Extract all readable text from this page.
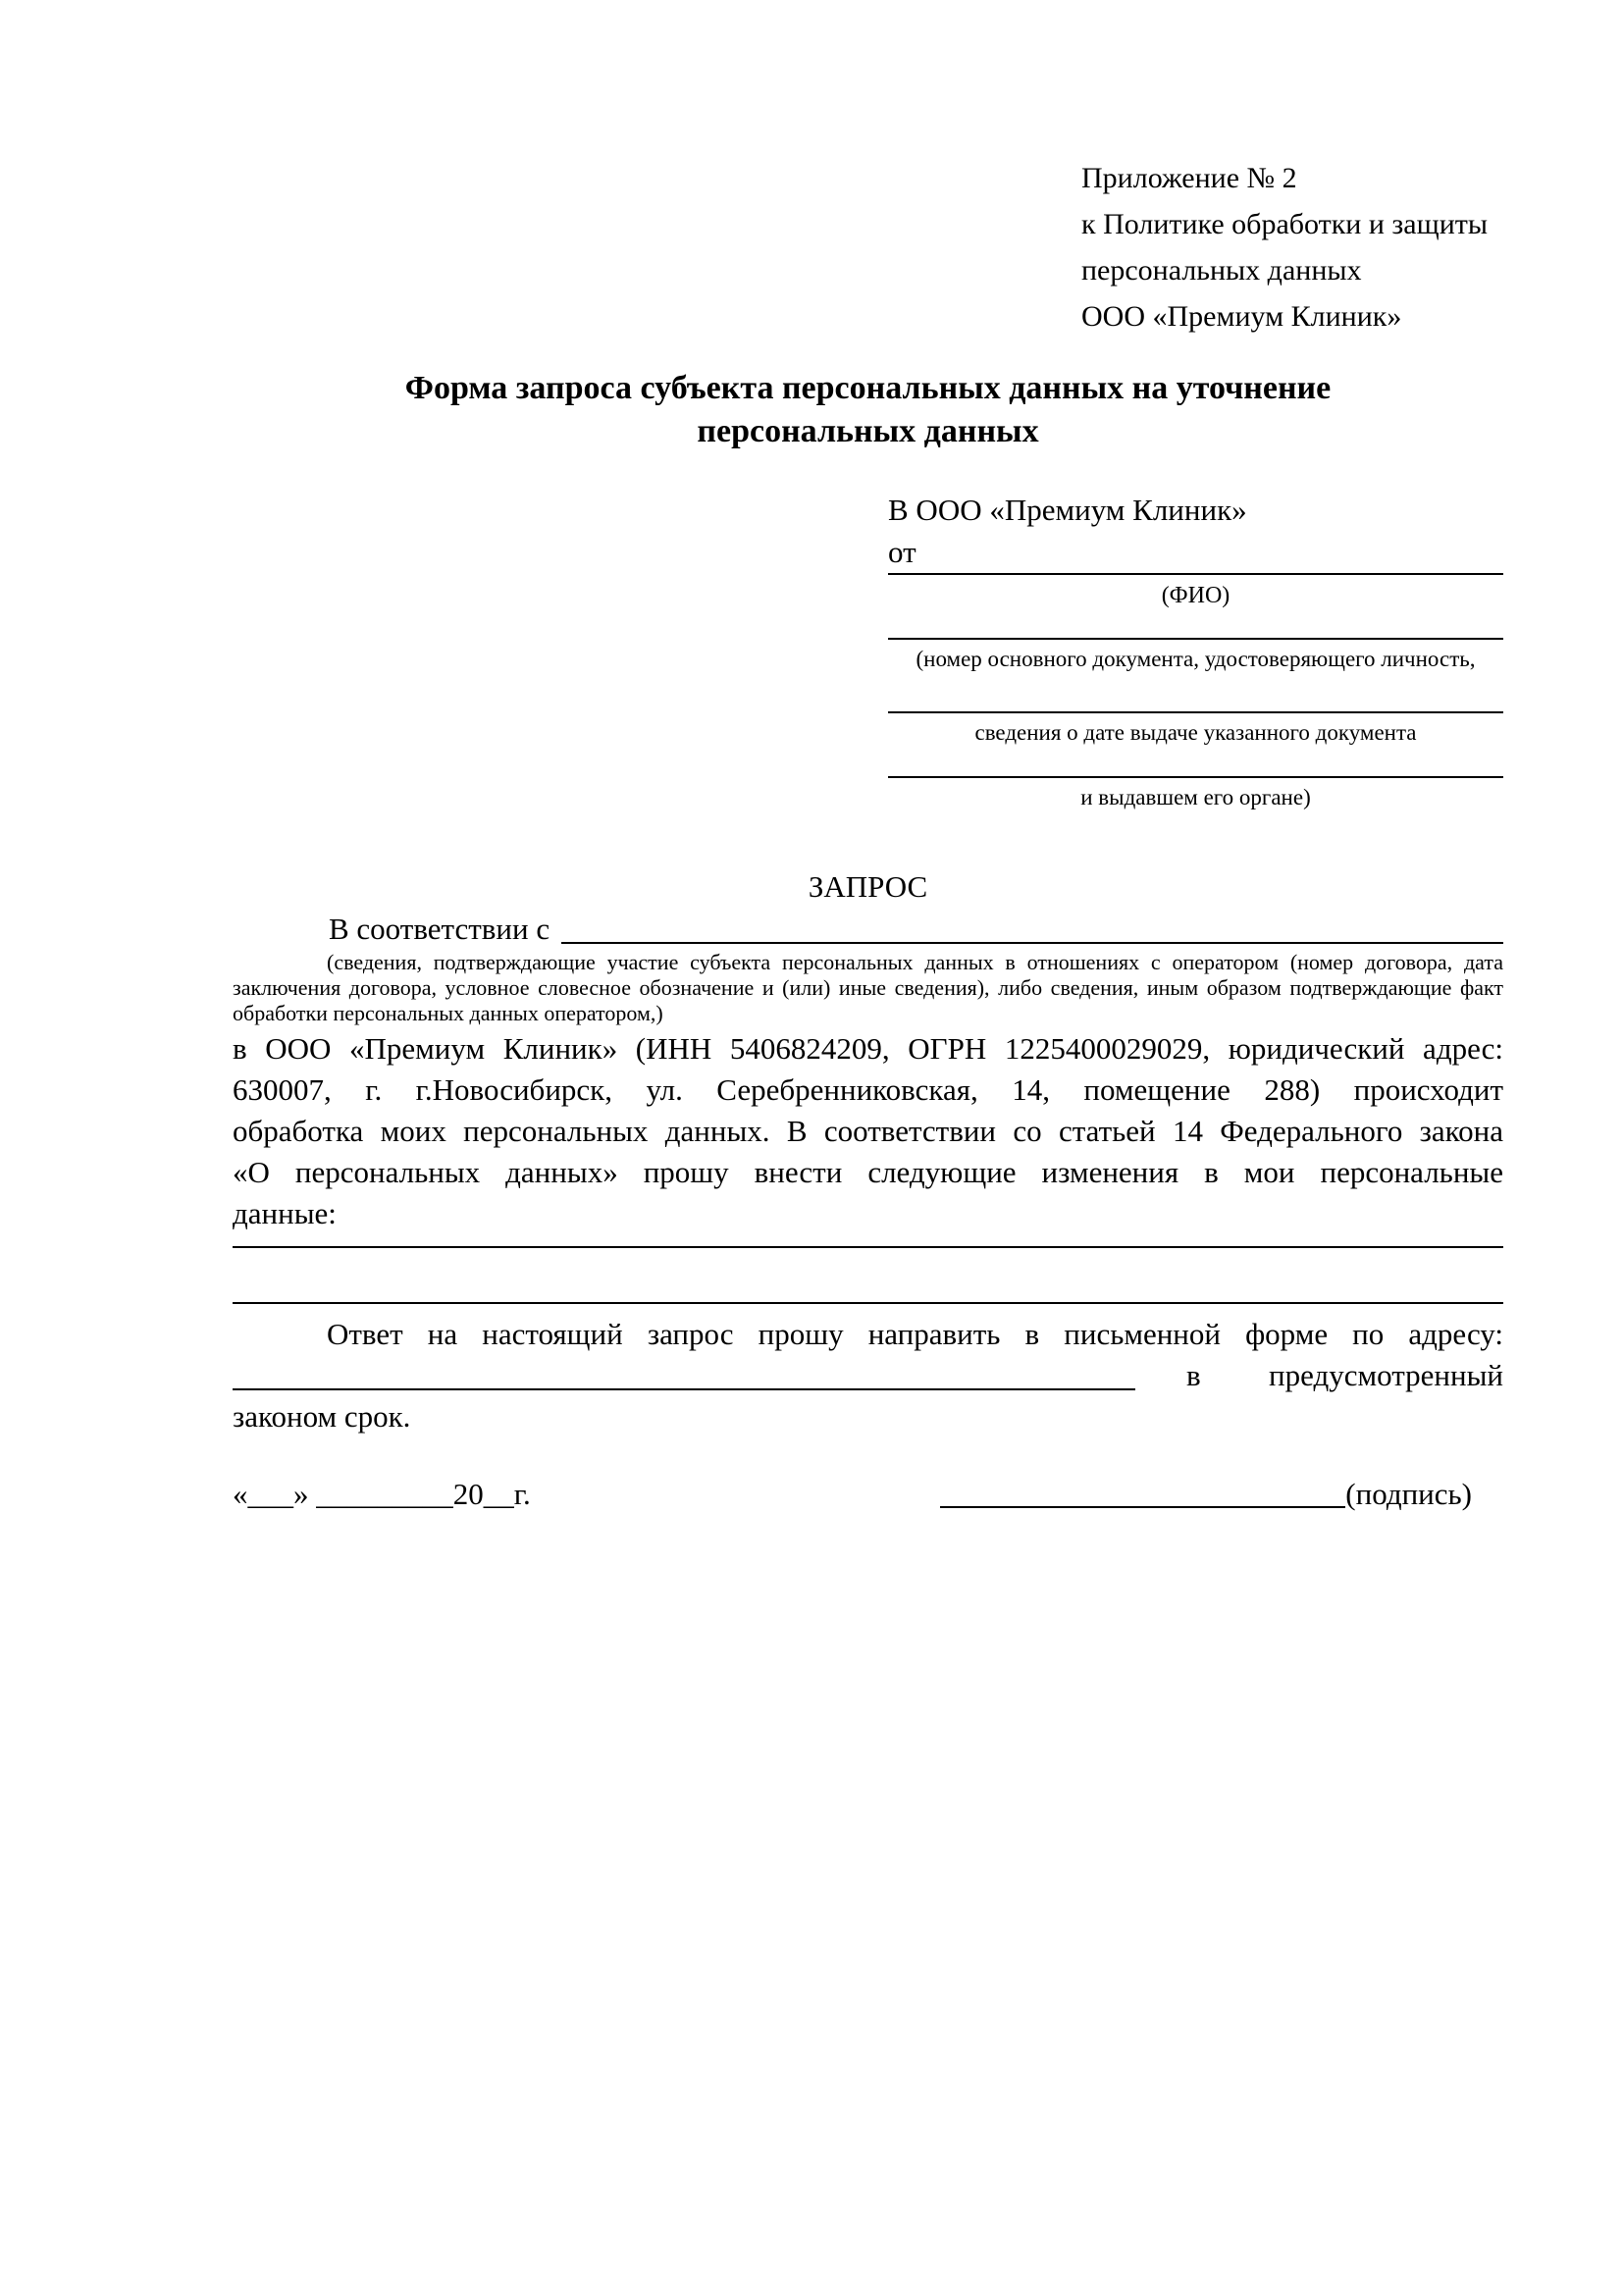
Приложение № 2
к Политике обработки и защиты
персональных данных
ООО «Премиум Клиник»
Форма запроса субъекта персональных данных на уточнение персональных данных
В ООО «Премиум Клиник»
от
(ФИО)
(номер основного документа, удостоверяющего личность,
сведения о дате выдаче указанного документа
и выдавшем его органе)
ЗАПРОС
В соответствии с
(сведения, подтверждающие участие субъекта персональных данных в отношениях с оператором (номер договора, дата
заключения договора, условное словесное обозначение и (или) иные сведения), либо сведения, иным образом подтверждающие факт
обработки персональных данных оператором,)
в ООО «Премиум Клиник» (ИНН 5406824209, ОГРН 1225400029029, юридический адрес:
630007, г. г.Новосибирск, ул. Серебренниковская, 14, помещение 288) происходит
обработка моих персональных данных. В соответствии со статьей 14 Федерального закона
«О персональных данных» прошу внести следующие изменения в мои персональные
данные:
Ответ на настоящий запрос прошу направить в письменной форме по адресу:
в предусмотренный
законом срок.
«___» _________20__г.	(подпись)
